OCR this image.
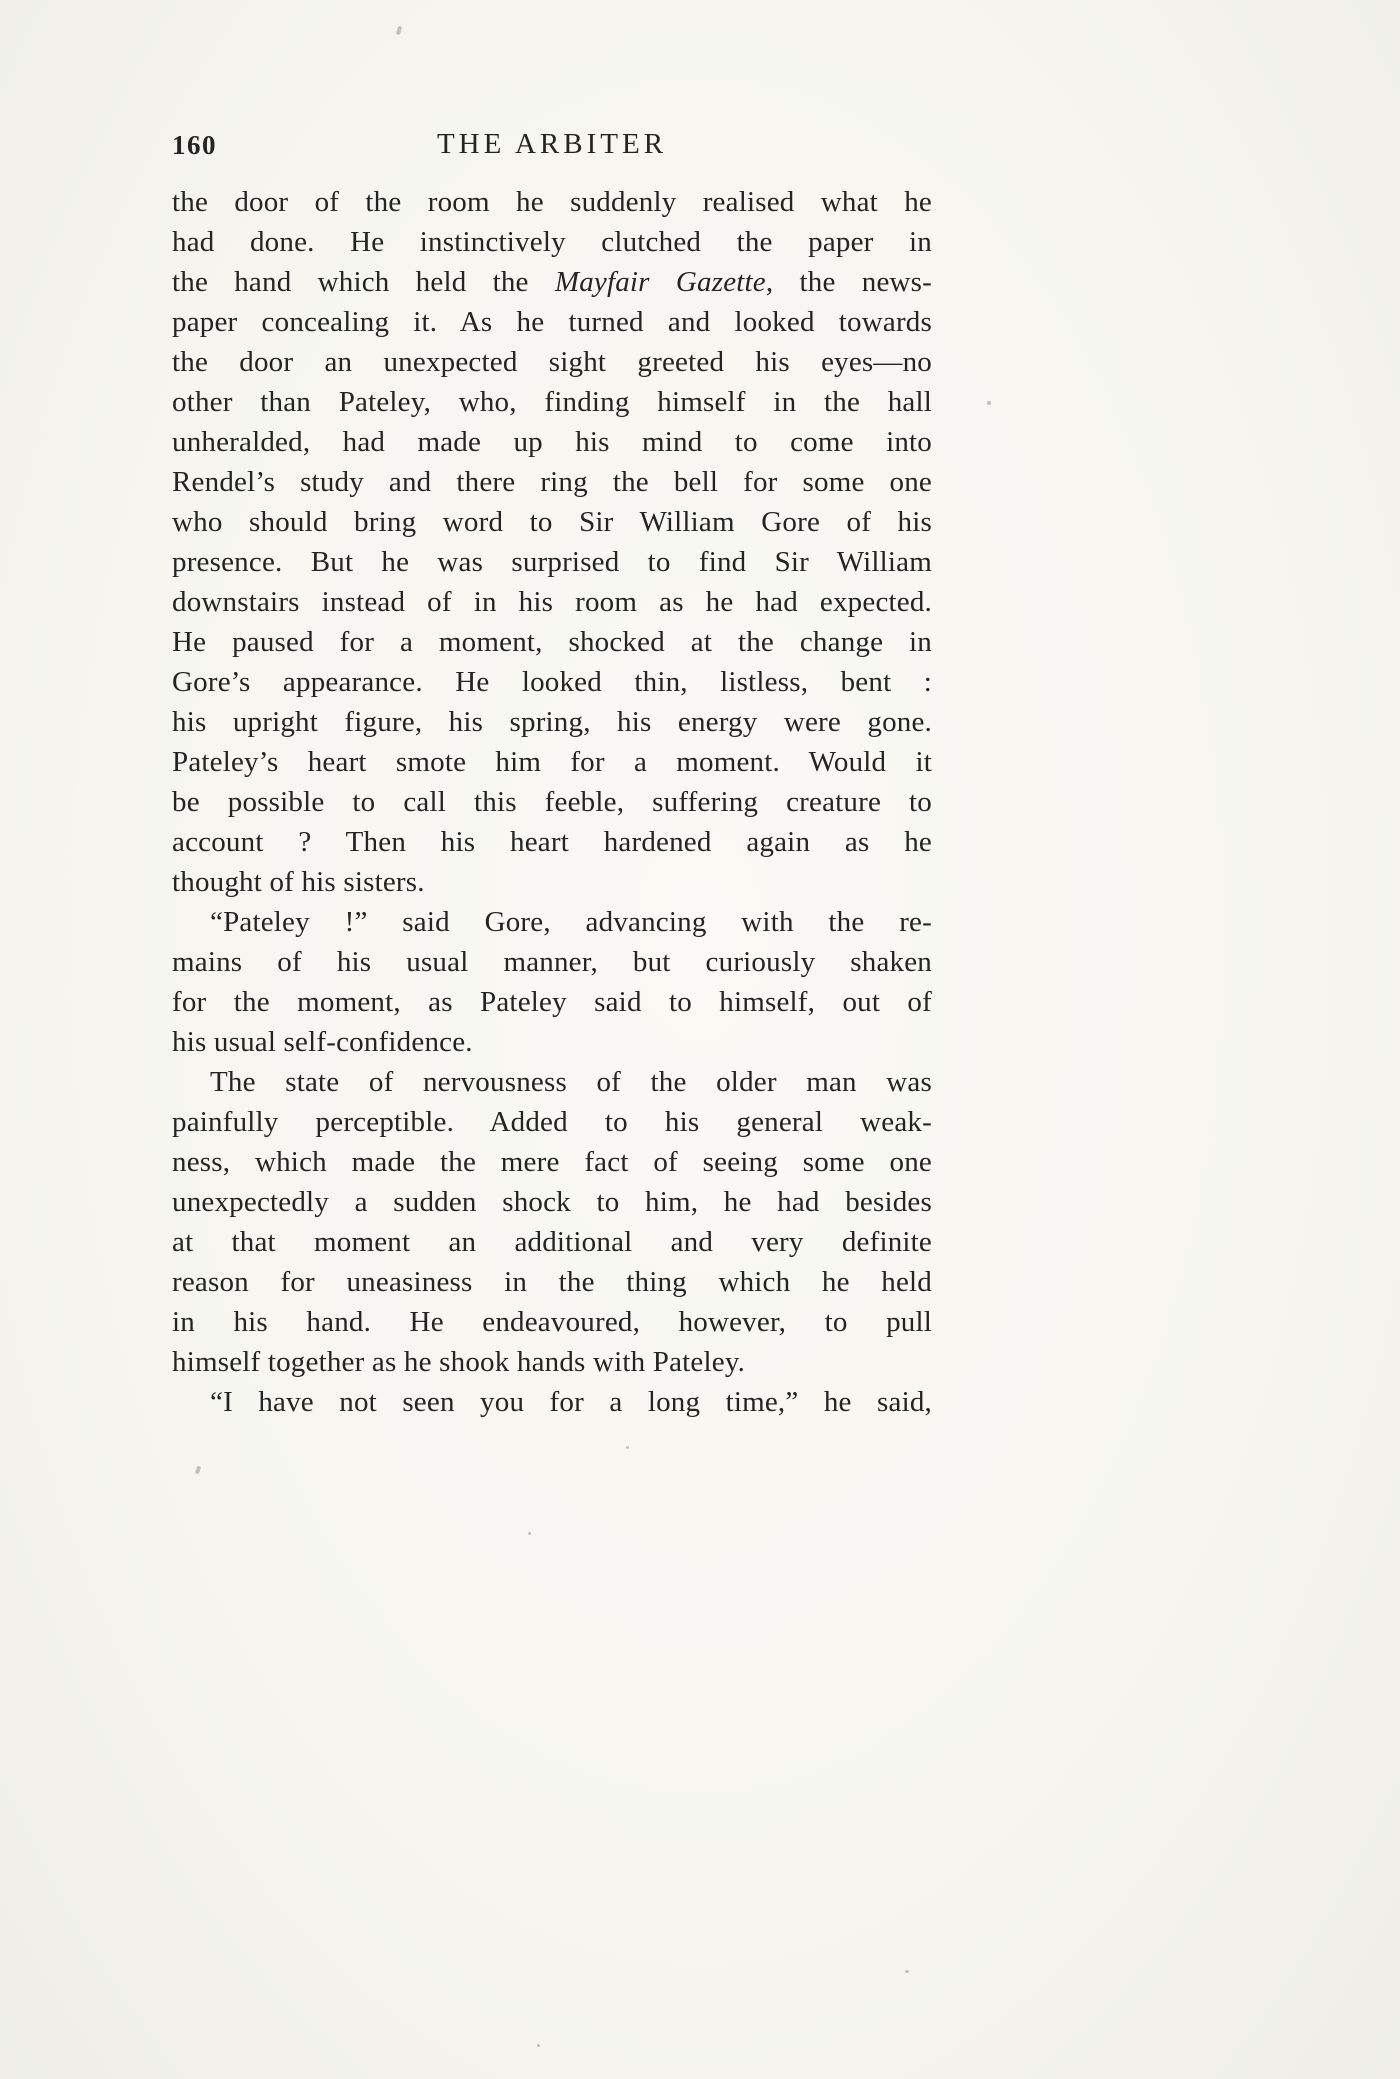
160	THE ARBITER
the door of the room he suddenly realised what he
had done. He instinctively clutched the paper in
the hand which held the Mayfair Gazette, the news-
paper concealing it. As he turned and looked towards
the door an unexpected sight greeted his eyes—no
other than Pateley, who, finding himself in the hall
unheralded, had made up his mind to come into
Rendel’s study and there ring the bell for some one
who should bring word to Sir William Gore of his
presence. But he was surprised to find Sir William
downstairs instead of in his room as he had expected.
He paused for a moment, shocked at the change in
Gore’s appearance. He looked thin, listless, bent :
his upright figure, his spring, his energy were gone.
Pateley’s heart smote him for a moment. Would it
be possible to call this feeble, suffering creature to
account ? Then his heart hardened again as he
thought of his sisters.
“Pateley !” said Gore, advancing with the re-
mains of his usual manner, but curiously shaken
for the moment, as Pateley said to himself, out of
his usual self-confidence.
The state of nervousness of the older man was
painfully perceptible. Added to his general weak-
ness, which made the mere fact of seeing some one
unexpectedly a sudden shock to him, he had besides
at that moment an additional and very definite
reason for uneasiness in the thing which he held
in his hand. He endeavoured, however, to pull
himself together as he shook hands with Pateley.
“I have not seen you for a long time,” he said,
